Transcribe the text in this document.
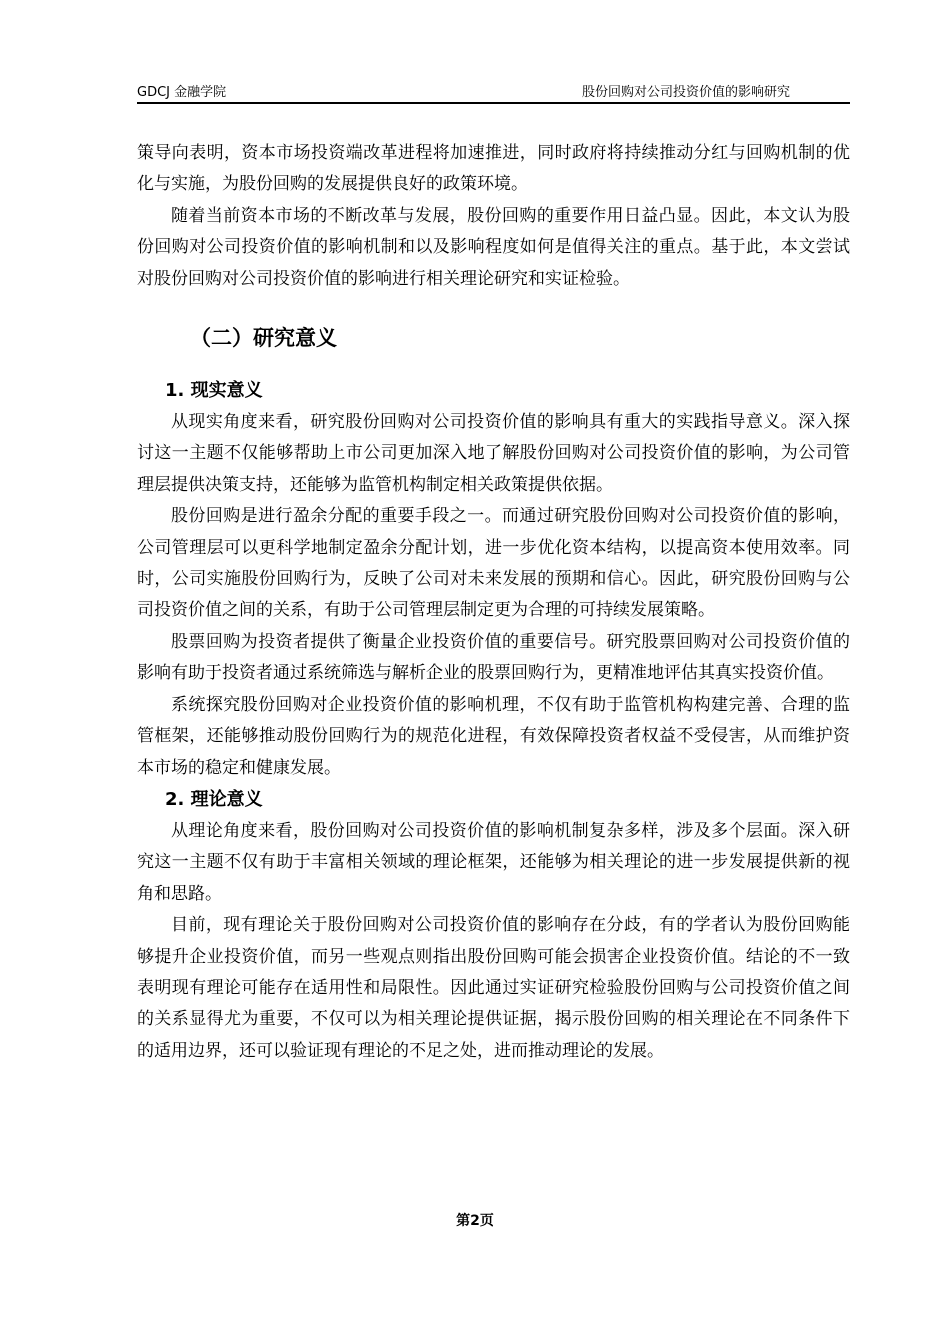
GDCJ 金融学院	股份回购对公司投资价值的影响研究

策导向表明，资本市场投资端改革进程将加速推进，同时政府将持续推动分红与回购机制的优化与实施，为股份回购的发展提供良好的政策环境。

随着当前资本市场的不断改革与发展，股份回购的重要作用日益凸显。因此，本文认为股份回购对公司投资价值的影响机制和以及影响程度如何是值得关注的重点。基于此，本文尝试对股份回购对公司投资价值的影响进行相关理论研究和实证检验。

（二）研究意义
1. 现实意义

从现实角度来看，研究股份回购对公司投资价值的影响具有重大的实践指导意义。深入探讨这一主题不仅能够帮助上市公司更加深入地了解股份回购对公司投资价值的影响，为公司管理层提供决策支持，还能够为监管机构制定相关政策提供依据。

股份回购是进行盈余分配的重要手段之一。而通过研究股份回购对公司投资价值的影响，公司管理层可以更科学地制定盈余分配计划，进一步优化资本结构，以提高资本使用效率。同时，公司实施股份回购行为，反映了公司对未来发展的预期和信心。因此，研究股份回购与公司投资价值之间的关系，有助于公司管理层制定更为合理的可持续发展策略。

股票回购为投资者提供了衡量企业投资价值的重要信号。研究股票回购对公司投资价值的影响有助于投资者通过系统筛选与解析企业的股票回购行为，更精准地评估其真实投资价值。

系统探究股份回购对企业投资价值的影响机理，不仅有助于监管机构构建完善、合理的监管框架，还能够推动股份回购行为的规范化进程，有效保障投资者权益不受侵害，从而维护资本市场的稳定和健康发展。

2. 理论意义

从理论角度来看，股份回购对公司投资价值的影响机制复杂多样，涉及多个层面。深入研究这一主题不仅有助于丰富相关领域的理论框架，还能够为相关理论的进一步发展提供新的视角和思路。

目前，现有理论关于股份回购对公司投资价值的影响存在分歧，有的学者认为股份回购能够提升企业投资价值，而另一些观点则指出股份回购可能会损害企业投资价值。结论的不一致表明现有理论可能存在适用性和局限性。因此通过实证研究检验股份回购与公司投资价值之间的关系显得尤为重要，不仅可以为相关理论提供证据，揭示股份回购的相关理论在不同条件下的适用边界，还可以验证现有理论的不足之处，进而推动理论的发展。

第2页
